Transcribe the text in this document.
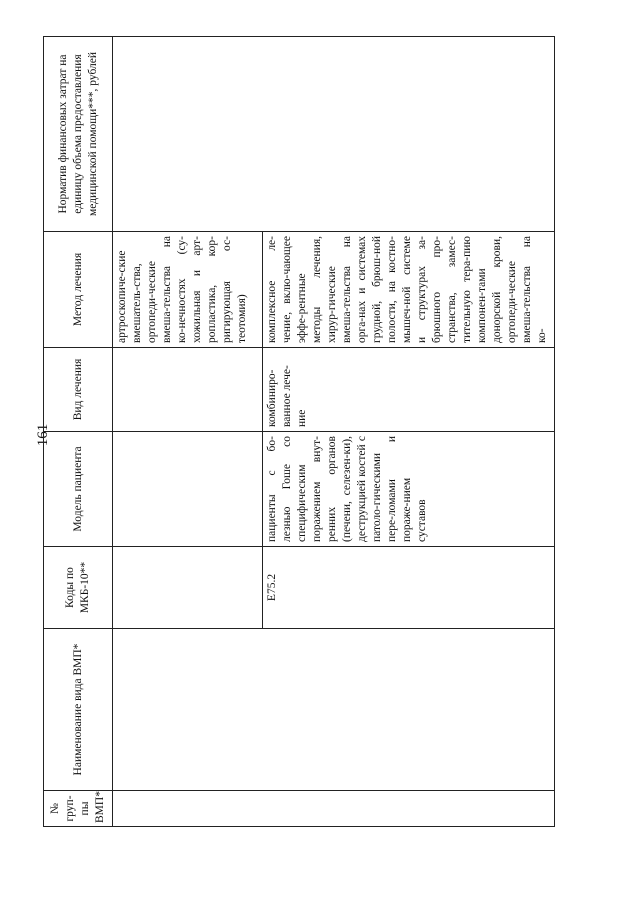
161
№ груп-пы ВМП*	Наименование вида ВМП*	Коды по МКБ-10**	Модель пациента	Вид лечения	Метод лечения	Норматив финансовых затрат на единицу объема предоставления медицинской помощи***, рублей
					артроскопиче-ские вмешатель-ства, ортопеди-ческие вмеша-тельства на ко-нечностях (су-хожильная и арт-ропластика, кор-ригирующая ос-теотомия)	
		E75.2	пациенты с бо-лезнью Гоше со специфическим поражением внут-ренних органов (печени, селезен-ки), деструкцией костей с патоло-гическими пере-ломами и пораже-нием суставов	комбиниро-ванное лече-ние	комплексное ле-чение, вклю-чающее эффе-рентные методы лечения, хирур-гические вмеша-тельства на орга-нах и системах грудной, брюш-ной полости, на костно-мышеч-ной системе и структурах за-брюшного про-странства, замес-тительную тера-пию компонен-тами донорской крови, ортопеди-ческие вмеша-тельства на ко-	
